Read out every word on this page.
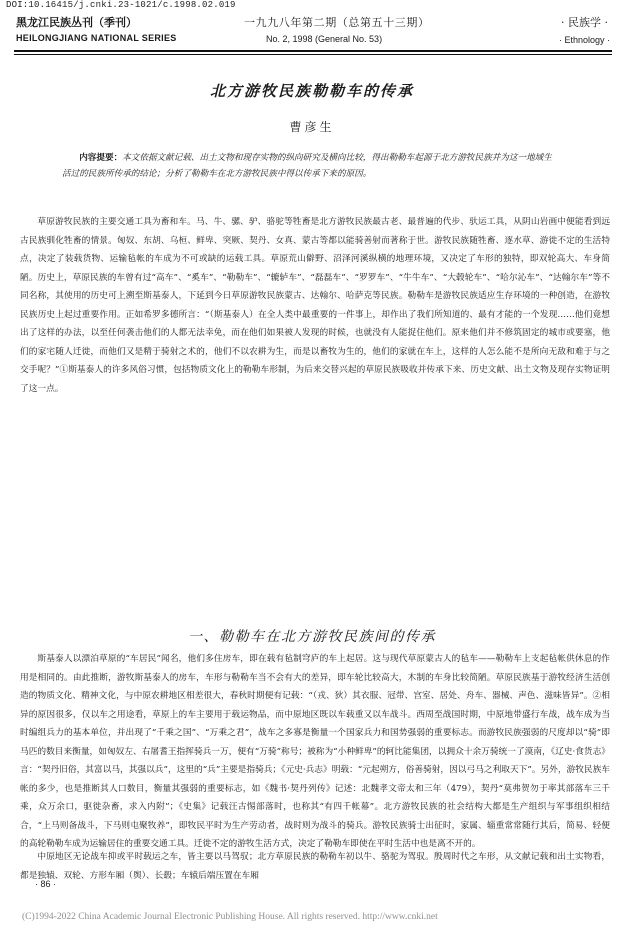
DOI:10.16415/j.cnki.23-1021/c.1998.02.019
黑龙江民族丛刊（季刊）
HEILONGJIANG NATIONAL SERIES
一九九八年第二期（总第五十三期）
No. 2, 1998 (General No. 53)
· 民族学 ·
· Ethnology ·
北方游牧民族勒勒车的传承
曹彦生
内容提要：本文依据文献记载、出土文物和现存实物的纵向研究及横向比较，得出勒勒车起源于北方游牧民族并为这一地域生活过的民族所传承的结论；分析了勒勒车在北方游牧民族中得以传承下来的原因。

草原游牧民族的主要交通工具为畜和车。马、牛、骡、驴、骆驼等牲畜是北方游牧民族最古老、最普遍的代步、驮运工具，从阴山岩画中便能看到远古民族驯化牲畜的情景。匈奴、东胡、乌桓、鲜卑、突厥、契丹、女真、蒙古等都以能骑善射而著称于世。游牧民族随牲畜、逐水草、游徙不定的生活特点，决定了装载货物、运输毡帐的车成为不可或缺的运载工具。草原荒山僻野、沼泽河溪纵横的地理环境，又决定了车形的独特，即双轮高大、车身简陋。历史上，草原民族的车曾有过“高车”、“奚车”、“勒勒车”、“辘轳车”、“磊磊车”、“罗罗车”、“牛牛车”、“大毂轮车”、“哈尔沁车”、“达翰尔车”等不同名称，其使用的历史可上溯至斯基泰人，下延到今日草原游牧民族蒙古、达翰尔、哈萨克等民族。勒勒车是游牧民族适应生存环境的一种创造，在游牧民族历史上起过重要作用。正如希罗多德所言：“（斯基泰人）在全人类中最重要的一件事上，却作出了我们所知道的、最有才能的一个发现……他们竟想出了这样的办法，以至任何袭击他们的人都无法幸免，而在他们如果被人发现的时候，也就没有人能捉住他们。原来他们并不修筑固定的城市或要塞，他们的家宅随人迁徙，而他们又是精于骑射之术的，他们不以农耕为生，而是以畜牧为生的，他们的家就在车上，这样的人怎么能不是所向无敌和难于与之交手呢？”①斯基泰人的许多风俗习惯，包括物质文化上的勒勒车形制，为后来交替兴起的草原民族吸收并传承下来、历史文献、出土文物及现存实物证明了这一点。

一、勒勒车在北方游牧民族间的传承

斯基泰人以漂泊草原的“车居民”闻名，他们多住房车，即在载有毡制穹庐的车上起居。这与现代草原蒙古人的毡车——勒勒车上支起毡帐供休息的作用是相同的。由此推断，游牧斯基泰人的房车，车形与勒勒车当不会有大的差异，即车轮比较高大，木制的车身比较简陋。草原民族基于游牧经济生活创造的物质文化、精神文化，与中原农耕地区相差很大，春秋时期便有记载：“（戎、狄）其衣服、冠带、宫室、居处、舟车、器械、声色、滋味皆异”。②相异的原因很多，仅以车之用途看，草原上的车主要用于载运物品，而中原地区既以车载重又以车战斗。西周至战国时期，中原地带盛行车战，战车成为当时编组兵力的基本单位，并出现了“千乘之国”、“万乘之君”，战车之多寡是衡量一个国家兵力和国势强弱的重要标志。而游牧民族强弱的尺度却以“骑”即马匹的数目来衡量，如匈奴左、右屠耆王指挥骑兵一万，便有“万骑”称号；被称为“小种鲜卑”的轲比能集团，以拥众十余万骑统一了漠南，《辽史·食货志》言：“契丹旧俗，其富以马，其强以兵”，这里的“兵”主要是指骑兵；《元史·兵志》明载：“元起朔方，俗善骑射，因以弓马之利取天下”。另外，游牧民族车帐的多少，也是推断其人口数目，衡量其强弱的重要标志，如《魏书·契丹列传》记述：北魏孝文帝太和三年（479），契丹“莫弗贺勿于率其部落车三千乘，众万余口，驱徙杂畜，求入内附”；《史集》记载汪古惕部落时，也称其“有四千帐幕”。北方游牧民族的社会结构大都是生产组织与军事组织相结合，“上马则备战斗，下马则屯聚牧养”，即牧民平时为生产劳动者，战时则为战斗的骑兵。游牧民族骑士出征时，家属、辎重常常随行其后，简易、轻便的高轮勒勒车成为运输居住的重要交通工具。迁徙不定的游牧生活方式，决定了勒勒车即使在平时生活中也是离不开的。

中原地区无论战车抑或平时载运之车，皆主要以马驾驭；北方草原民族的勒勒车初以牛、骆驼为驾驭。殷周时代之车形，从文献记载和出土实物看，都是独辕、双轮、方形车厢（舆）、长毂；车辕后端压置在车厢

· 86 ·
(C)1994-2022 China Academic Journal Electronic Publishing House. All rights reserved. http://www.cnki.net
